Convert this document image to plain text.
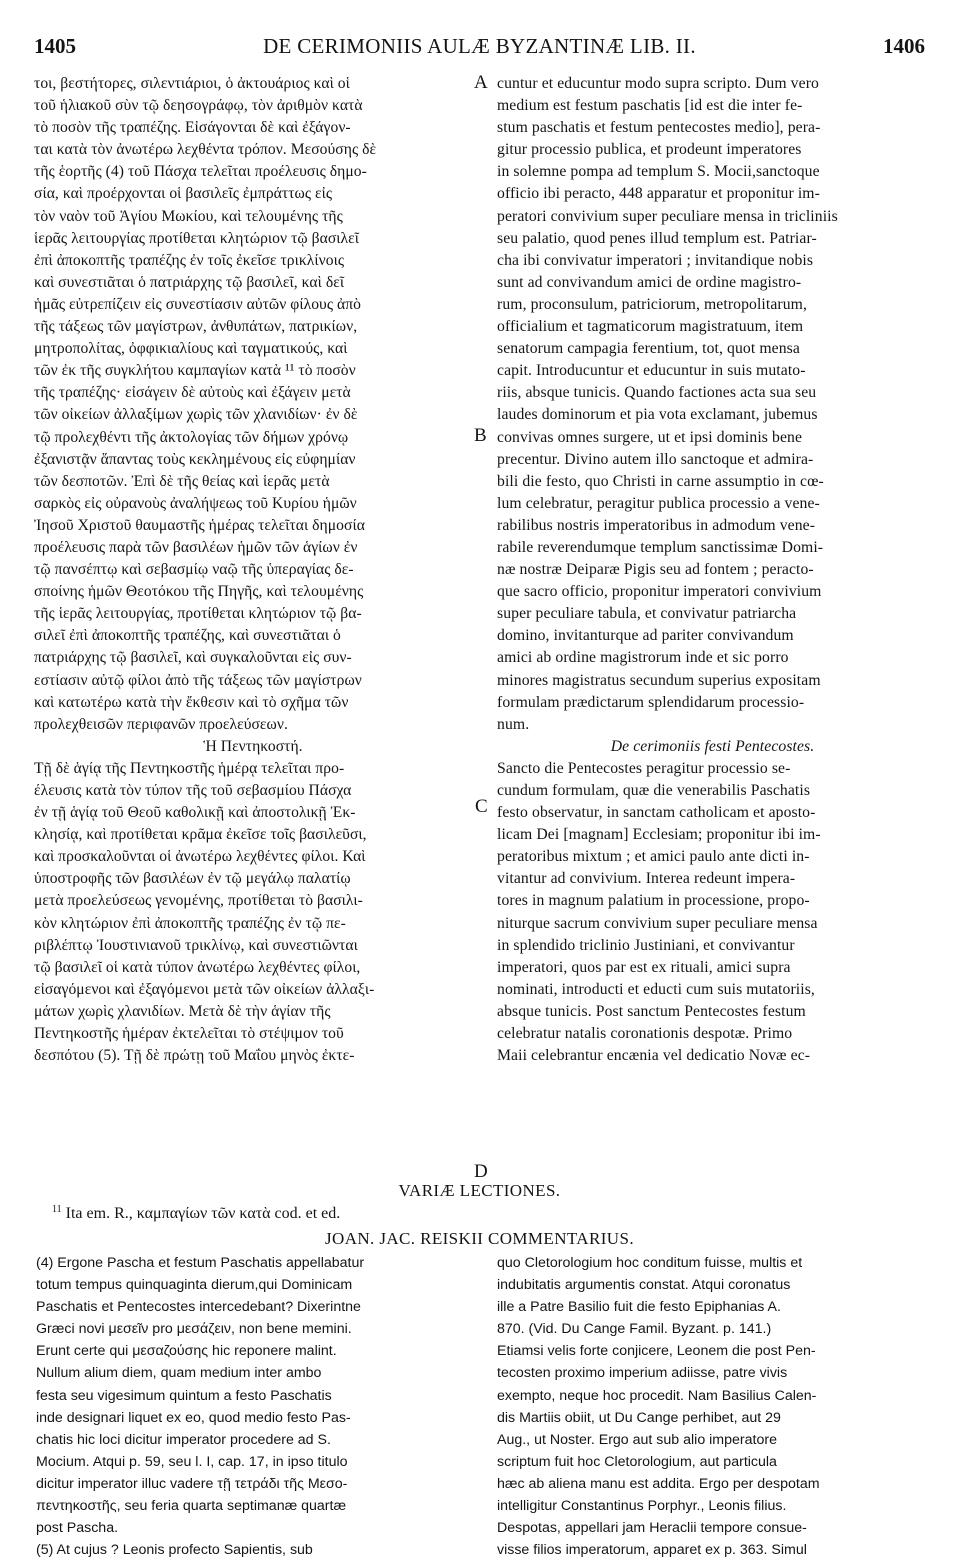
1405	DE CERIMONIIS AULÆ BYZANTINÆ LIB. II.	1406
τοι, βεστήτορες, σιλεντιάριοι, ὁ ἀκτουάριος καὶ οἱ
τοῦ ἡλιακοῦ σὺν τῷ δεησογράφῳ, τὸν ἀριθμὸν κατὰ
τὸ ποσὸν τῆς τραπέζης. Εἰσάγονται δὲ καὶ ἐξάγον-
ται κατὰ τὸν ἀνωτέρω λεχθέντα τρόπον. Μεσούσης δὲ
τῆς ἑορτῆς (4) τοῦ Πάσχα τελεῖται προέλευσις δημο-
σία, καὶ προέρχονται οἱ βασιλεῖς ἐμπράττως εἰς
τὸν ναὸν τοῦ Ἁγίου Μωκίου, καὶ τελουμένης τῆς
ἱερᾶς λειτουργίας προτίθεται κλητώριον τῷ βασιλεῖ
ἐπὶ ἀποκοπτῆς τραπέζης ἐν τοῖς ἐκεῖσε τρικλίνοις
καὶ συνεστιᾶται ὁ πατριάρχης τῷ βασιλεῖ, καὶ δεῖ
ἡμᾶς εὐτρεπίζειν εἰς συνεστίασιν αὐτῶν φίλους ἀπὸ
τῆς τάξεως τῶν μαγίστρων, ἀνθυπάτων, πατρικίων,
μητροπολίτας, ὀφφικιαλίους καὶ ταγματικούς, καὶ
τῶν ἐκ τῆς συγκλήτου καμπαγίων κατὰ ¹¹ τὸ ποσὸν
τῆς τραπέζης· εἰσάγειν δὲ αὐτοὺς καὶ ἐξάγειν μετὰ
τῶν οἰκείων ἀλλαξίμων χωρὶς τῶν χλανιδίων· ἐν δὲ
τῷ προλεχθέντι τῆς ἀκτολογίας τῶν δήμων χρόνῳ
ἐξανιστᾷν ἅπαντας τοὺς κεκλημένους εἰς εὐφημίαν
τῶν δεσποτῶν. Ἐπὶ δὲ τῆς θείας καὶ ἱερᾶς μετὰ
σαρκὸς εἰς οὐρανοὺς ἀναλήψεως τοῦ Κυρίου ἡμῶν
Ἰησοῦ Χριστοῦ θαυμαστῆς ἡμέρας τελεῖται δημοσία
προέλευσις παρὰ τῶν βασιλέων ἡμῶν τῶν ἁγίων ἐν
τῷ πανσέπτῳ καὶ σεβασμίῳ ναῷ τῆς ὑπεραγίας δε-
σποίνης ἡμῶν Θεοτόκου τῆς Πηγῆς, καὶ τελουμένης
τῆς ἱερᾶς λειτουργίας, προτίθεται κλητώριον τῷ βα-
σιλεῖ ἐπὶ ἀποκοπτῆς τραπέζης, καὶ συνεστιᾶται ὁ
πατριάρχης τῷ βασιλεῖ, καὶ συγκαλοῦνται εἰς συν-
εστίασιν αὐτῷ φίλοι ἀπὸ τῆς τάξεως τῶν μαγίστρων
καὶ κατωτέρω κατὰ τὴν ἔκθεσιν καὶ τὸ σχῆμα τῶν
προλεχθεισῶν περιφανῶν προελεύσεων.
Ἡ Πεντηκοστή.
Τῇ δὲ ἁγίᾳ τῆς Πεντηκοστῆς ἡμέρᾳ τελεῖται προ-
έλευσις κατὰ τὸν τύπον τῆς τοῦ σεβασμίου Πάσχα
ἐν τῇ ἁγίᾳ τοῦ Θεοῦ καθολικῇ καὶ ἀποστολικῇ Ἐκ-
κλησίᾳ, καὶ προτίθεται κρᾶμα ἐκεῖσε τοῖς βασιλεῦσι,
καὶ προσκαλοῦνται οἱ ἀνωτέρω λεχθέντες φίλοι. Καὶ
ὑποστροφῆς τῶν βασιλέων ἐν τῷ μεγάλῳ παλατίῳ
μετὰ προελεύσεως γενομένης, προτίθεται τὸ βασιλι-
κὸν κλητώριον ἐπὶ ἀποκοπτῆς τραπέζης ἐν τῷ πε-
ριβλέπτῳ Ἰουστινιανοῦ τρικλίνῳ, καὶ συνεστιῶνται
τῷ βασιλεῖ οἱ κατὰ τύπον ἀνωτέρω λεχθέντες φίλοι,
εἰσαγόμενοι καὶ ἐξαγόμενοι μετὰ τῶν οἰκείων ἀλλαξι-
μάτων χωρὶς χλανιδίων. Μετὰ δὲ τὴν ἁγίαν τῆς
Πεντηκοστῆς ἡμέραν ἐκτελεῖται τὸ στέψιμον τοῦ
δεσπότου (5). Τῇ δὲ πρώτῃ τοῦ Μαΐου μηνὸς ἐκτε-
cuntur et educuntur modo supra scripto. Dum vero
medium est festum paschatis [id est die inter fe-
stum paschatis et festum pentecostes medio], pera-
gitur processio publica, et prodeunt imperatores
in solemne pompa ad templum S. Mocii,sanctoque
officio ibi peracto, 448 apparatur et proponitur im-
peratori convivium super peculiare mensa in tricliniis
seu palatio, quod penes illud templum est. Patriar-
cha ibi convivatur imperatori ; invitandique nobis
sunt ad convivandum amici de ordine magistro-
rum, proconsulum, patriciorum, metropolitarum,
officialium et tagmaticorum magistratuum, item
senatorum campagia ferentium, tot, quot mensa
capit. Introducuntur et educuntur in suis mutato-
riis, absque tunicis. Quando factiones acta sua seu
laudes dominorum et pia vota exclamant, jubemus
convivas omnes surgere, ut et ipsi dominis bene
precentur. Divino autem illo sanctoque et admira-
bili die festo, quo Christi in carne assumptio in cœ-
lum celebratur, peragitur publica processio a vene-
rabilibus nostris imperatoribus in admodum vene-
rabile reverendumque templum sanctissimæ Domi-
næ nostræ Deiparæ Pigis seu ad fontem ; peracto-
que sacro officio, proponitur imperatori convivium
super peculiare tabula, et convivatur patriarcha
domino, invitanturque ad pariter convivandum
amici ab ordine magistrorum inde et sic porro
minores magistratus secundum superius expositam
formulam prædictarum splendidarum processio-
num.
De cerimoniis festi Pentecostes.
Sancto die Pentecostes peragitur processio se-
cundum formulam, quæ die venerabilis Paschatis
festo observatur, in sanctam catholicam et aposto-
licam Dei [magnam] Ecclesiam; proponitur ibi im-
peratoribus mixtum ; et amici paulo ante dicti in-
vitantur ad convivium. Interea redeunt impera-
tores in magnum palatium in processione, propo-
niturque sacrum convivium super peculiare mensa
in splendido triclinio Justiniani, et convivantur
imperatori, quos par est ex rituali, amici supra
nominati, introducti et educti cum suis mutatoriis,
absque tunicis. Post sanctum Pentecostes festum
celebratur natalis coronationis despotæ. Primo
Maii celebrantur encænia vel dedicatio Novæ ec-
A
B
C
D
VARIÆ LECTIONES.
$^{11}$ Ita em. R., καμπαγίων τῶν κατὰ cod. et ed.
JOAN. JAC. REISKII COMMENTARIUS.
(4) Ergone Pascha et festum Paschatis appellabatur
totum tempus quinquaginta dierum,qui Dominicam
Paschatis et Pentecostes intercedebant? Dixerintne
Græci novi μεσεῖν pro μεσάζειν, non bene memini.
Erunt certe qui μεσαζούσης hic reponere malint.
Nullum alium diem, quam medium inter ambo
festa seu vigesimum quintum a festo Paschatis
inde designari liquet ex eo, quod medio festo Pas-
chatis hic loci dicitur imperator procedere ad S.
Mocium. Atqui p. 59, seu l. I, cap. 17, in ipso titulo
dicitur imperator illuc vadere τῇ τετράδι τῆς Μεσο-
πεντηκοστῆς, seu feria quarta septimanæ quartæ
post Pascha.
(5) At cujus ? Leonis profecto Sapientis, sub
quo Cletorologium hoc conditum fuisse, multis et
indubitatis argumentis constat. Atqui coronatus
ille a Patre Basilio fuit die festo Epiphanias A.
870. (Vid. Du Cange Famil. Byzant. p. 141.)
Etiamsi velis forte conjicere, Leonem die post Pen-
tecosten proximo imperium adiisse, patre vivis
exempto, neque hoc procedit. Nam Basilius Calen-
dis Martiis obiit, ut Du Cange perhibet, aut 29
Aug., ut Noster. Ergo aut sub alio imperatore
scriptum fuit hoc Cletorologium, aut particula
hæc ab aliena manu est addita. Ergo per despotam
intelligitur Constantinus Porphyr., Leonis filius.
Despotas, appellari jam Heraclii tempore consue-
visse filios imperatorum, apparet ex p. 363. Simul
